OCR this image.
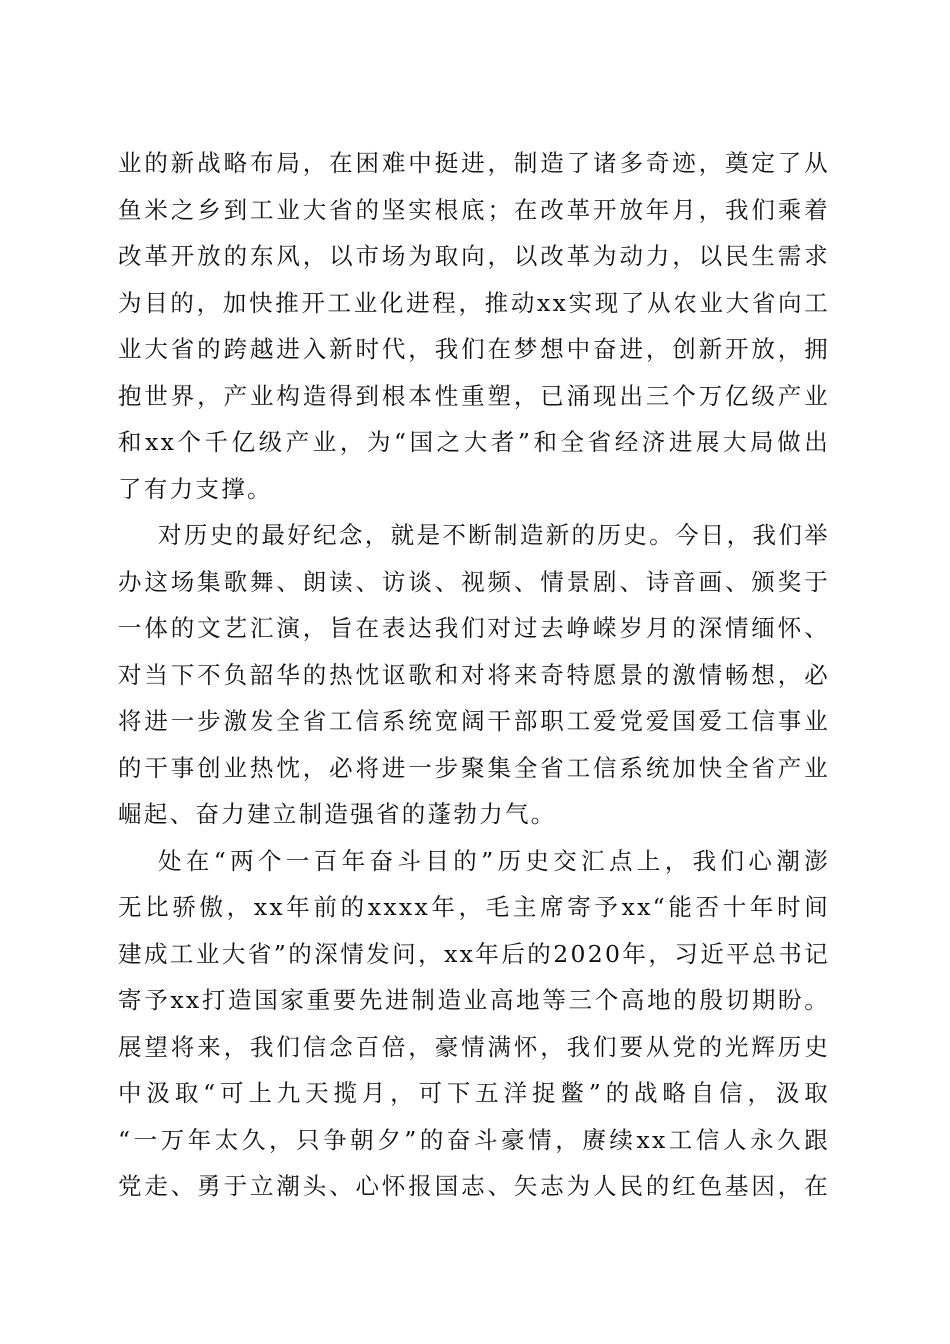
业的新战略布局，在困难中挺进，制造了诸多奇迹，奠定了从
鱼米之乡到工业大省的坚实根底；在改革开放年月，我们乘着
改革开放的东风，以市场为取向，以改革为动力，以民生需求
为目的，加快推开工业化进程，推动xx实现了从农业大省向工
业大省的跨越进入新时代，我们在梦想中奋进，创新开放，拥
抱世界，产业构造得到根本性重塑，已涌现出三个万亿级产业
和xx个千亿级产业，为“国之大者”和全省经济进展大局做出
了有力支撑。
对历史的最好纪念，就是不断制造新的历史。今日，我们举
办这场集歌舞、朗读、访谈、视频、情景剧、诗音画、颁奖于
一体的文艺汇演，旨在表达我们对过去峥嵘岁月的深情缅怀、
对当下不负韶华的热忱讴歌和对将来奇特愿景的激情畅想，必
将进一步激发全省工信系统宽阔干部职工爱党爱国爱工信事业
的干事创业热忱，必将进一步聚集全省工信系统加快全省产业
崛起、奋力建立制造强省的蓬勃力气。
处在“两个一百年奋斗目的”历史交汇点上，我们心潮澎
无比骄傲，xx年前的xxxx年，毛主席寄予xx“能否十年时间
建成工业大省”的深情发问，xx年后的2020年，习近平总书记
寄予xx打造国家重要先进制造业高地等三个高地的殷切期盼。
展望将来，我们信念百倍，豪情满怀，我们要从党的光辉历史
中汲取“可上九天揽月，可下五洋捉鳖”的战略自信，汲取
“一万年太久，只争朝夕”的奋斗豪情，赓续xx工信人永久跟
党走、勇于立潮头、心怀报国志、矢志为人民的红色基因，在
